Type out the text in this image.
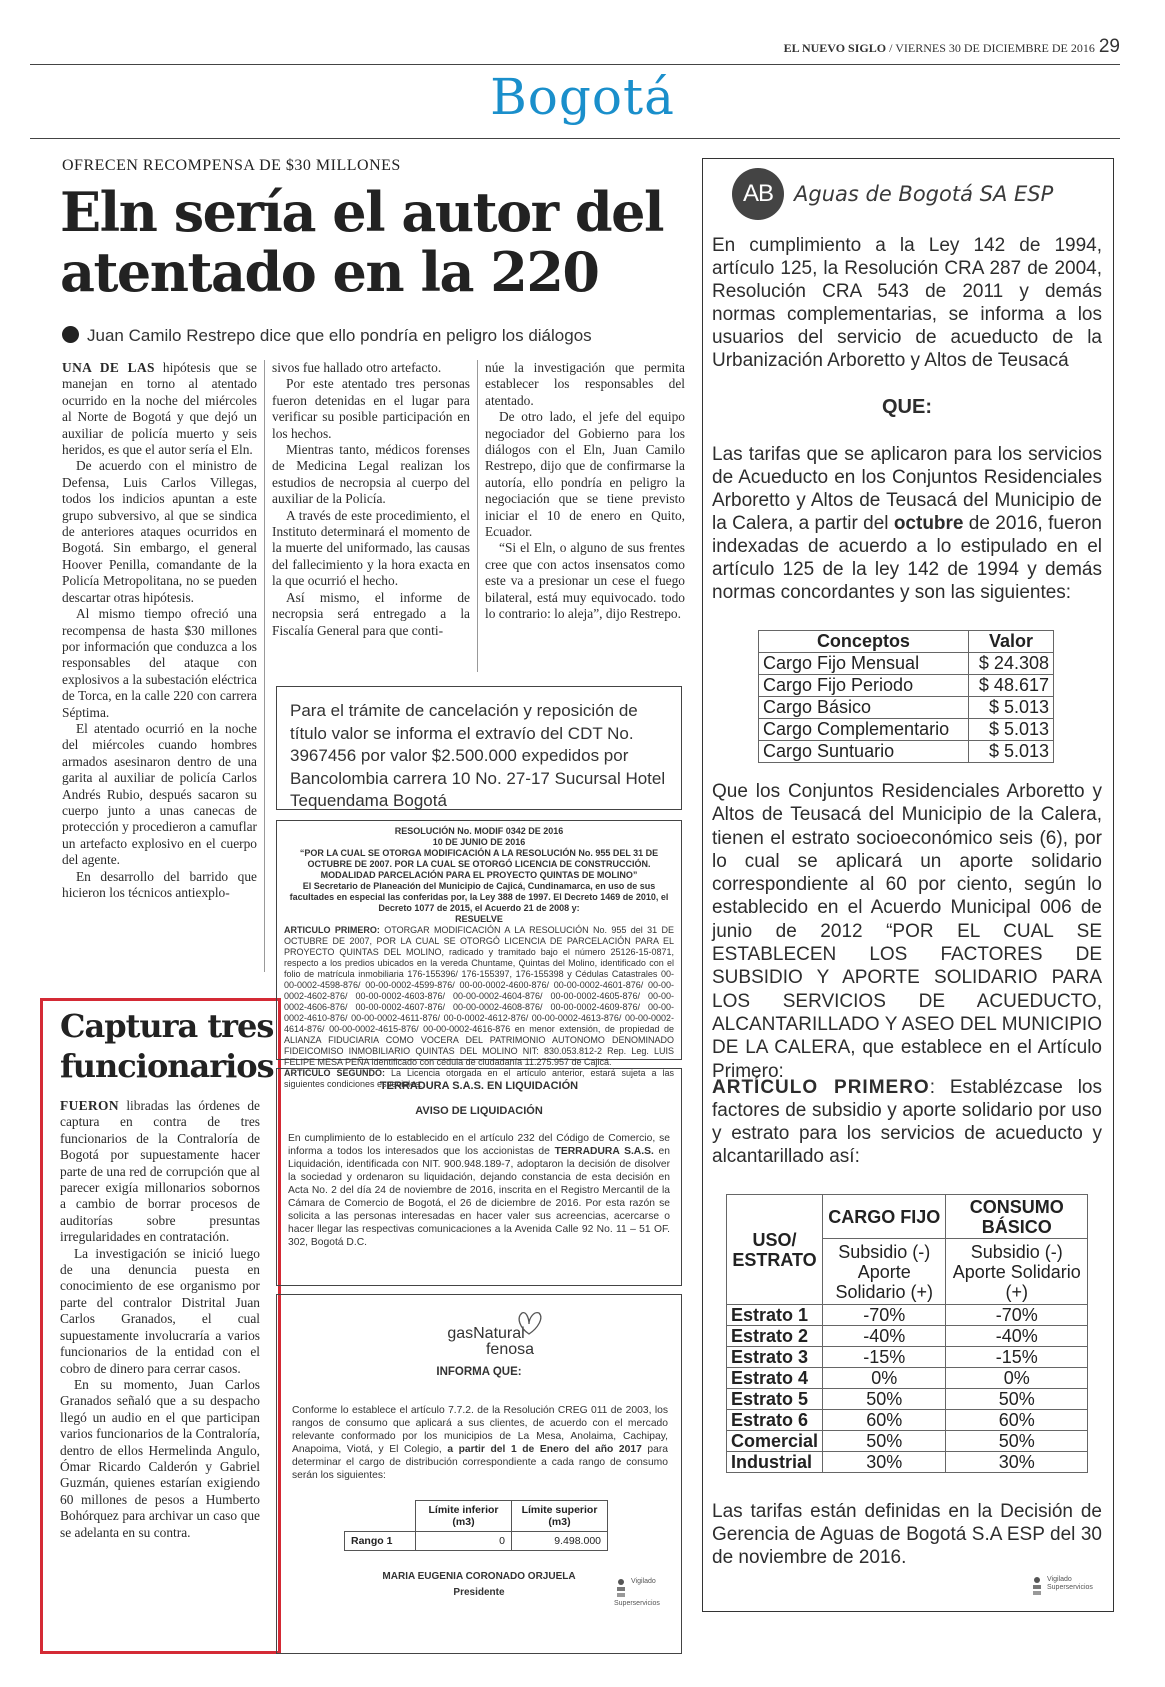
EL NUEVO SIGLO / VIERNES 30 DE DICIEMBRE DE 2016 29
Bogotá
OFRECEN RECOMPENSA DE $30 MILLONES
Eln sería el autor del atentado en la 220
Juan Camilo Restrepo dice que ello pondría en peligro los diálogos

UNA DE LAS hipótesis que se manejan en torno al atentado ocurrido en la noche del miércoles al Norte de Bogotá y que dejó un auxiliar de policía muerto y seis heridos, es que el autor sería el Eln.

De acuerdo con el ministro de Defensa, Luis Carlos Villegas, todos los indicios apuntan a este grupo subversivo, al que se sindica de anteriores ataques ocurridos en Bogotá. Sin embargo, el general Hoover Penilla, comandante de la Policía Metropolitana, no se pueden descartar otras hipótesis.

Al mismo tiempo ofreció una recompensa de hasta $30 millones por información que conduzca a los responsables del ataque con explosivos a la subestación eléctrica de Torca, en la calle 220 con carrera Séptima.

El atentado ocurrió en la noche del miércoles cuando hombres armados asesinaron dentro de una garita al auxiliar de policía Carlos Andrés Rubio, después sacaron su cuerpo junto a unas canecas de protección y procedieron a camuflar un artefacto explosivo en el cuerpo del agente.

En desarrollo del barrido que hicieron los técnicos antiexplo-

sivos fue hallado otro artefacto.

Por este atentado tres personas fueron detenidas en el lugar para verificar su posible participación en los hechos.

Mientras tanto, médicos forenses de Medicina Legal realizan los estudios de necropsia al cuerpo del auxiliar de la Policía.

A través de este procedimiento, el Instituto determinará el momento de la muerte del uniformado, las causas del fallecimiento y la hora exacta en la que ocurrió el hecho.

Así mismo, el informe de necropsia será entregado a la Fiscalía General para que conti-

núe la investigación que permita establecer los responsables del atentado.

De otro lado, el jefe del equipo negociador del Gobierno para los diálogos con el Eln, Juan Camilo Restrepo, dijo que de confirmarse la autoría, ello pondría en peligro la negociación que se tiene previsto iniciar el 10 de enero en Quito, Ecuador.

“Si el Eln, o alguno de sus frentes cree que con actos insensatos como este va a presionar un cese el fuego bilateral, está muy equivocado. todo lo contrario: lo aleja”, dijo Restrepo.

Captura tres funcionarios

FUERON libradas las órdenes de captura en contra de tres funcionarios de la Contraloría de Bogotá por supuestamente hacer parte de una red de corrupción que al parecer exigía millonarios sobornos a cambio de borrar procesos de auditorías sobre presuntas irregularidades en contratación.

La investigación se inició luego de una denuncia puesta en conocimiento de ese organismo por parte del contralor Distrital Juan Carlos Granados, el cual supuestamente involucraría a varios funcionarios de la entidad con el cobro de dinero para cerrar casos.

En su momento, Juan Carlos Granados señaló que a su despacho llegó un audio en el que participan varios funcionarios de la Contraloría, dentro de ellos Hermelinda Angulo, Ómar Ricardo Calderón y Gabriel Guzmán, quienes estarían exigiendo 60 millones de pesos a Humberto Bohórquez para archivar un caso que se adelanta en su contra.

Para el trámite de cancelación y reposición de título valor se informa el extravío del CDT No. 3967456 por valor $2.500.000 expedidos por Bancolombia carrera 10 No. 27-17 Sucursal Hotel Tequendama Bogotá
RESOLUCIÓN No. MODIF 0342 DE 2016
10 DE JUNIO DE 2016
“POR LA CUAL SE OTORGA MODIFICACIÓN A LA RESOLUCIÓN No. 955 DEL 31 DE OCTUBRE DE 2007. POR LA CUAL SE OTORGÓ LICENCIA DE CONSTRUCCIÓN. MODALIDAD PARCELACIÓN PARA EL PROYECTO QUINTAS DE MOLINO”
El Secretario de Planeación del Municipio de Cajicá, Cundinamarca, en uso de sus facultades en especial las conferidas por, la Ley 388 de 1997. El Decreto 1469 de 2010, el Decreto 1077 de 2015, el Acuerdo 21 de 2008 y:
RESUELVE
ARTICULO PRIMERO: OTORGAR MODIFICACIÓN A LA RESOLUCIÓN No. 955 del 31 DE OCTUBRE DE 2007, POR LA CUAL SE OTORGÓ LICENCIA DE PARCELACIÓN PARA EL PROYECTO QUINTAS DEL MOLINO, radicado y tramitado bajo el número 25126-15-0871, respecto a los predios ubicados en la vereda Chuntame, Quintas del Molino, identificado con el folio de matrícula inmobiliaria 176-155396/ 176-155397, 176-155398 y Cédulas Catastrales 00-00-0002-4598-876/ 00-00-0002-4599-876/ 00-00-0002-4600-876/ 00-00-0002-4601-876/ 00-00-0002-4602-876/ 00-00-0002-4603-876/ 00-00-0002-4604-876/ 00-00-0002-4605-876/ 00-00-0002-4606-876/ 00-00-0002-4607-876/ 00-00-0002-4608-876/ 00-00-0002-4609-876/ 00-00-0002-4610-876/ 00-00-0002-4611-876/ 00-0-0002-4612-876/ 00-00-0002-4613-876/ 00-00-0002-4614-876/ 00-00-0002-4615-876/ 00-00-0002-4616-876 en menor extensión, de propiedad de ALIANZA FIDUCIARIA COMO VOCERA DEL PATRIMONIO AUTONOMO DENOMINADO FIDEICOMISO INMOBILIARIO QUINTAS DEL MOLINO NIT: 830.053.812-2 Rep. Leg. LUIS FELIPE MESA PEÑA identificado con cédula de ciudadanía 11.275.957 de Cajicá.
ARTICULO SEGUNDO: La Licencia otorgada en el artículo anterior, estará sujeta a las siguientes condiciones especiales:
TERRADURA S.A.S. EN LIQUIDACIÓN
AVISO DE LIQUIDACIÓN
En cumplimiento de lo establecido en el artículo 232 del Código de Comercio, se informa a todos los interesados que los accionistas de TERRADURA S.A.S. en Liquidación, identificada con NIT. 900.948.189-7, adoptaron la decisión de disolver la sociedad y ordenaron su liquidación, dejando constancia de esta decisión en Acta No. 2 del día 24 de noviembre de 2016, inscrita en el Registro Mercantil de la Cámara de Comercio de Bogotá, el 26 de diciembre de 2016. Por esta razón se solicita a las personas interesadas en hacer valer sus acreencias, acercarse o hacer llegar las respectivas comunicaciones a la Avenida Calle 92 No. 11 – 51 OF. 302, Bogotá D.C.
gasNatural
fenosa
INFORMA QUE:
Conforme lo establece el artículo 7.7.2. de la Resolución CREG 011 de 2003, los rangos de consumo que aplicará a sus clientes, de acuerdo con el mercado relevante conformado por los municipios de La Mesa, Anolaima, Cachipay, Anapoima, Viotá, y El Colegio, a partir del 1 de Enero del año 2017 para determinar el cargo de distribución correspondiente a cada rango de consumo serán los siguientes:
	Límite inferior (m3)	Límite superior (m3)
Rango 1	0	9.498.000
MARIA EUGENIA CORONADO ORJUELA
Presidente
Vigilado Superservicios
AB	Aguas de Bogotá SA ESP
En cumplimiento a la Ley 142 de 1994, artículo 125, la Resolución CRA 287 de 2004, Resolución CRA 543 de 2011 y demás normas complementarias, se informa a los usuarios del servicio de acueducto de la Urbanización Arboretto y Altos de Teusacá
QUE:
Las tarifas que se aplicaron para los servicios de Acueducto en los Conjuntos Residenciales Arboretto y Altos de Teusacá del Municipio de la Calera, a partir del octubre de 2016, fueron indexadas de acuerdo a lo estipulado en el artículo 125 de la ley 142 de 1994 y demás normas concordantes y son las siguientes:
Conceptos	Valor
Cargo Fijo Mensual	$ 24.308
Cargo Fijo Periodo	$ 48.617
Cargo Básico	$ 5.013
Cargo Complementario	$ 5.013
Cargo Suntuario	$ 5.013
Que los Conjuntos Residenciales Arboretto y Altos de Teusacá del Municipio de la Calera, tienen el estrato socioeconómico seis (6), por lo cual se aplicará un aporte solidario correspondiente al 60 por ciento, según lo establecido en el Acuerdo Municipal 006 de junio de 2012 “POR EL CUAL SE ESTABLECEN LOS FACTORES DE SUBSIDIO Y APORTE SOLIDARIO PARA LOS SERVICIOS DE ACUEDUCTO, ALCANTARILLADO Y ASEO DEL MUNICIPIO DE LA CALERA, que establece en el Artículo Primero:
ARTÍCULO PRIMERO: Establézcase los factores de subsidio y aporte solidario por uso y estrato para los servicios de acueducto y alcantarillado así:
USO/ ESTRATO	CARGO FIJO	CONSUMO BÁSICO
	Subsidio (-) Aporte Solidario (+)	Subsidio (-) Aporte Solidario (+)
Estrato 1	-70%	-70%
Estrato 2	-40%	-40%
Estrato 3	-15%	-15%
Estrato 4	0%	0%
Estrato 5	50%	50%
Estrato 6	60%	60%
Comercial	50%	50%
Industrial	30%	30%
Las tarifas están definidas en la Decisión de Gerencia de Aguas de Bogotá S.A ESP del 30 de noviembre de 2016.
Vigilado Superservicios
